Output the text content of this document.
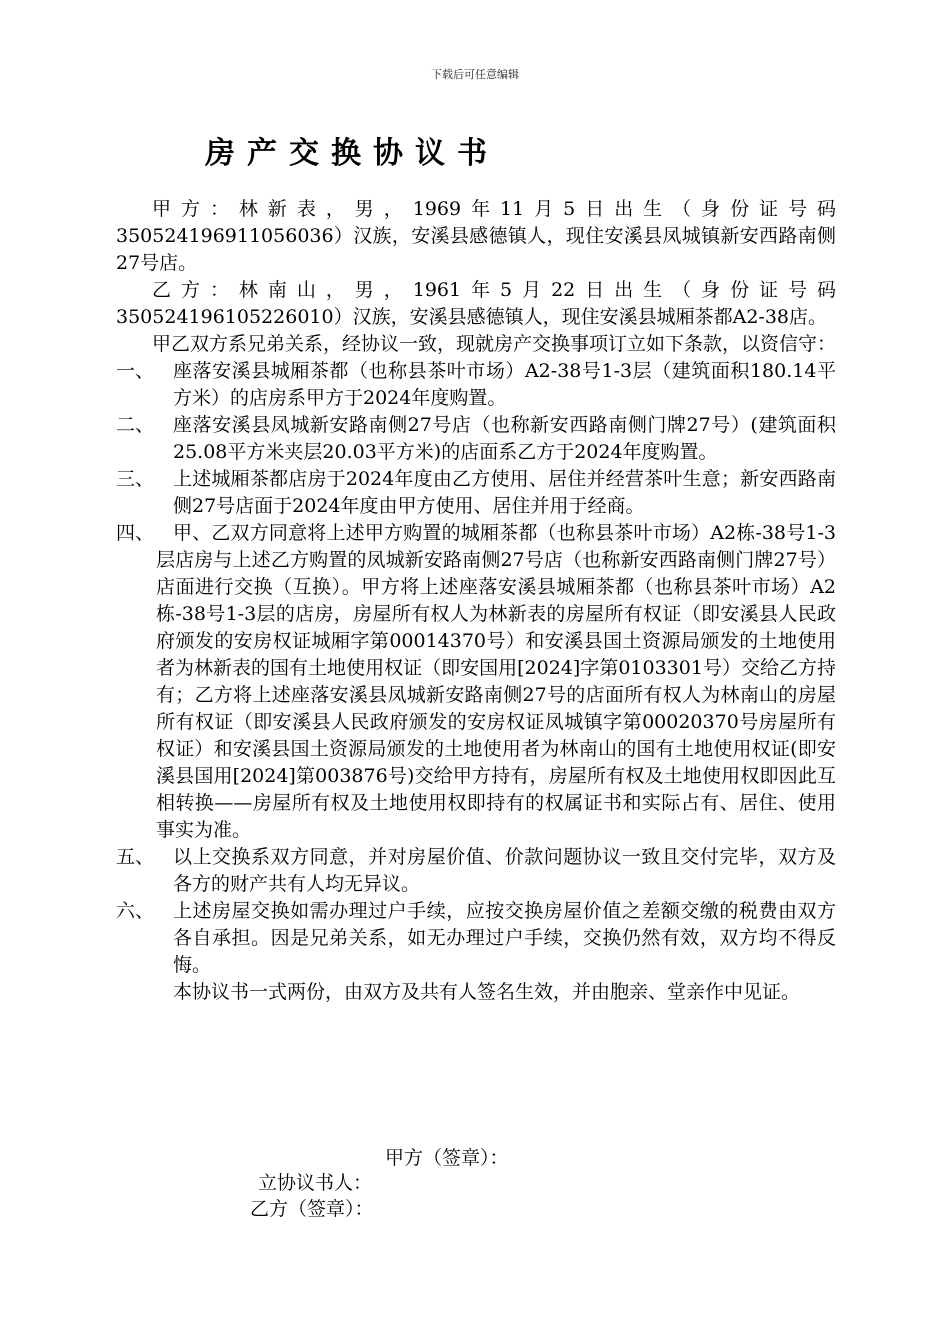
下载后可任意编辑
房产交换协议书

甲方：林新表，男，1969年11月5日出生（身份证号码350524196911056036）汉族，安溪县感德镇人，现住安溪县凤城镇新安西路南侧27号店。

乙方：林南山，男，1961年5月22日出生（身份证号码350524196105226010）汉族，安溪县感德镇人，现住安溪县城厢茶都A2-38店。

甲乙双方系兄弟关系，经协议一致，现就房产交换事项订立如下条款，以资信守：

一、 座落安溪县城厢茶都（也称县茶叶市场）A2-38号1-3层（建筑面积180.14平方米）的店房系甲方于2024年度购置。

二、 座落安溪县凤城新安路南侧27号店（也称新安西路南侧门牌27号）(建筑面积25.08平方米夹层20.03平方米)的店面系乙方于2024年度购置。

三、 上述城厢茶都店房于2024年度由乙方使用、居住并经营茶叶生意；新安西路南侧27号店面于2024年度由甲方使用、居住并用于经商。

四、 甲、乙双方同意将上述甲方购置的城厢茶都（也称县茶叶市场）A2栋-38号1-3层店房与上述乙方购置的凤城新安路南侧27号店（也称新安西路南侧门牌27号）店面进行交换（互换）。甲方将上述座落安溪县城厢茶都（也称县茶叶市场）A2栋-38号1-3层的店房，房屋所有权人为林新表的房屋所有权证（即安溪县人民政府颁发的安房权证城厢字第00014370号）和安溪县国土资源局颁发的土地使用者为林新表的国有土地使用权证（即安国用[2024]字第0103301号）交给乙方持有；乙方将上述座落安溪县凤城新安路南侧27号的店面所有权人为林南山的房屋所有权证（即安溪县人民政府颁发的安房权证凤城镇字第00020370号房屋所有权证）和安溪县国土资源局颁发的土地使用者为林南山的国有土地使用权证(即安溪县国用[2024]第003876号)交给甲方持有，房屋所有权及土地使用权即因此互相转换——房屋所有权及土地使用权即持有的权属证书和实际占有、居住、使用事实为准。

五、 以上交换系双方同意，并对房屋价值、价款问题协议一致且交付完毕，双方及各方的财产共有人均无异议。

六、 上述房屋交换如需办理过户手续，应按交换房屋价值之差额交缴的税费由双方各自承担。因是兄弟关系，如无办理过户手续，交换仍然有效，双方均不得反悔。

本协议书一式两份，由双方及共有人签名生效，并由胞亲、堂亲作中见证。

甲方（签章）：
立协议书人：
乙方（签章）：
